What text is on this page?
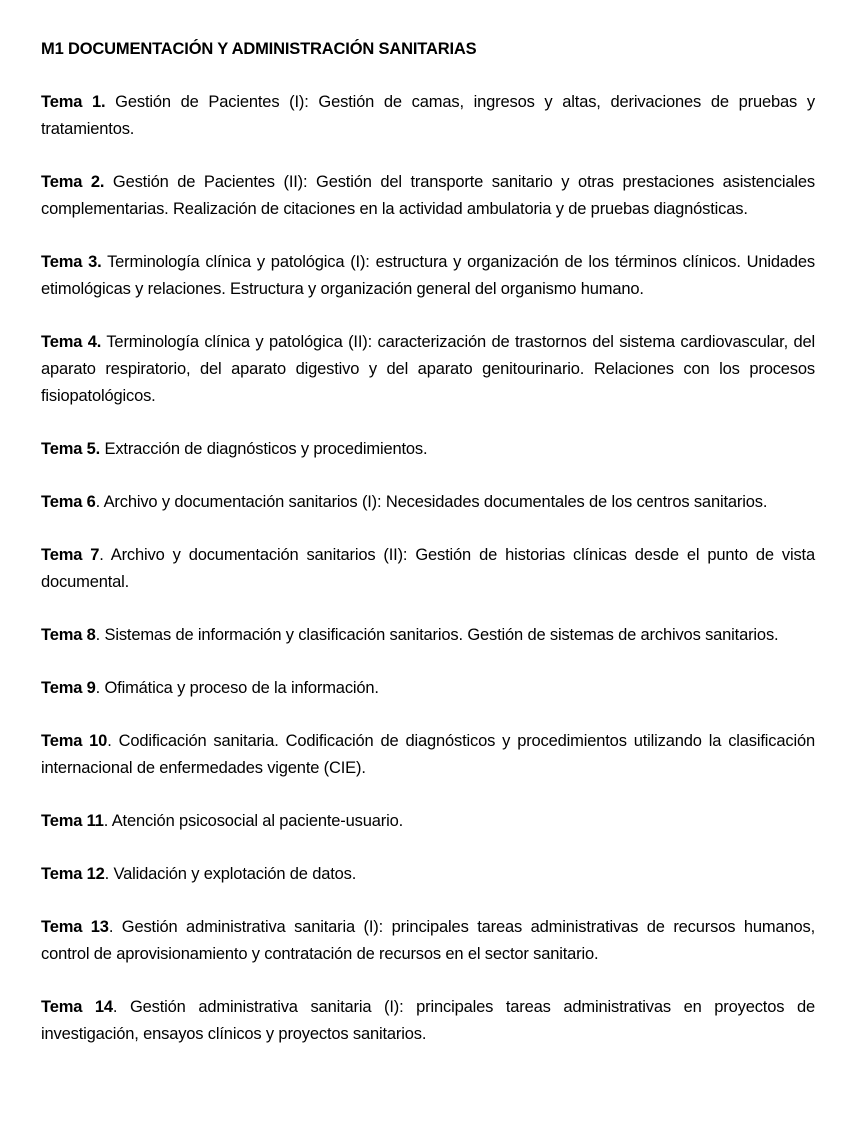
M1 DOCUMENTACIÓN Y ADMINISTRACIÓN SANITARIAS

Tema 1. Gestión de Pacientes (I): Gestión de camas, ingresos y altas, derivaciones de pruebas y tratamientos.

Tema 2. Gestión de Pacientes (II): Gestión del transporte sanitario y otras prestaciones asistenciales complementarias. Realización de citaciones en la actividad ambulatoria y de pruebas diagnósticas.

Tema 3. Terminología clínica y patológica (I): estructura y organización de los términos clínicos. Unidades etimológicas y relaciones. Estructura y organización general del organismo humano.

Tema 4. Terminología clínica y patológica (II): caracterización de trastornos del sistema cardiovascular, del aparato respiratorio, del aparato digestivo y del aparato genitourinario. Relaciones con los procesos fisiopatológicos.

Tema 5. Extracción de diagnósticos y procedimientos.

Tema 6. Archivo y documentación sanitarios (I): Necesidades documentales de los centros sanitarios.

Tema 7. Archivo y documentación sanitarios (II): Gestión de historias clínicas desde el punto de vista documental.

Tema 8. Sistemas de información y clasificación sanitarios. Gestión de sistemas de archivos sanitarios.

Tema 9. Ofimática y proceso de la información.

Tema 10. Codificación sanitaria. Codificación de diagnósticos y procedimientos utilizando la clasificación internacional de enfermedades vigente (CIE).

Tema 11. Atención psicosocial al paciente-usuario.

Tema 12. Validación y explotación de datos.

Tema 13. Gestión administrativa sanitaria (I): principales tareas administrativas de recursos humanos, control de aprovisionamiento y contratación de recursos en el sector sanitario.

Tema 14. Gestión administrativa sanitaria (I): principales tareas administrativas en proyectos de investigación, ensayos clínicos y proyectos sanitarios.
